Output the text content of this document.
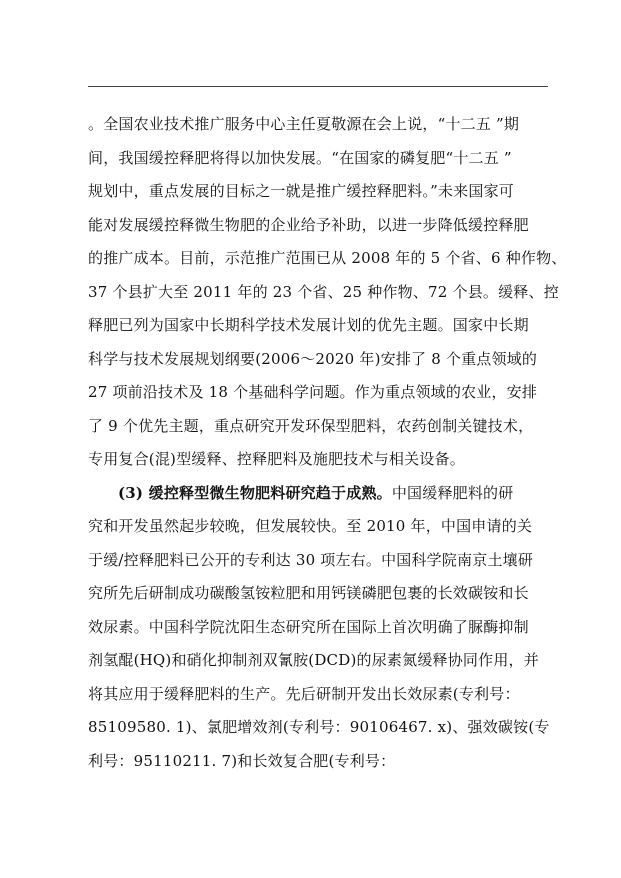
。全国农业技术推广服务中心主任夏敬源在会上说，“十二五 ”期
间，我国缓控释肥将得以加快发展。“在国家的磷复肥“十二五 ”
规划中，重点发展的目标之一就是推广缓控释肥料。”未来国家可
能对发展缓控释微生物肥的企业给予补助，以进一步降低缓控释肥
的推广成本。目前，示范推广范围已从 2008 年的 5 个省、6 种作物、
37 个县扩大至 2011 年的 23 个省、25 种作物、72 个县。缓释、控
释肥已列为国家中长期科学技术发展计划的优先主题。国家中长期
科学与技术发展规划纲要(2006～2020 年)安排了 8 个重点领域的
27 项前沿技术及 18 个基础科学问题。作为重点领域的农业，安排
了 9 个优先主题，重点研究开发环保型肥料，农药创制关键技术，
专用复合(混)型缓释、控释肥料及施肥技术与相关设备。
(3) 缓控释型微生物肥料研究趋于成熟。中国缓释肥料的研
究和开发虽然起步较晚，但发展较快。至 2010 年，中国申请的关
于缓/控释肥料已公开的专利达 30 项左右。中国科学院南京土壤研
究所先后研制成功碳酸氢铵粒肥和用钙镁磷肥包裹的长效碳铵和长
效尿素。中国科学院沈阳生态研究所在国际上首次明确了脲酶抑制
剂氢醌(HQ)和硝化抑制剂双氰胺(DCD)的尿素氮缓释协同作用，并
将其应用于缓释肥料的生产。先后研制开发出长效尿素(专利号：
85109580. 1)、氯肥增效剂(专利号：90106467. x)、强效碳铵(专
利号：95110211. 7)和长效复合肥(专利号：
